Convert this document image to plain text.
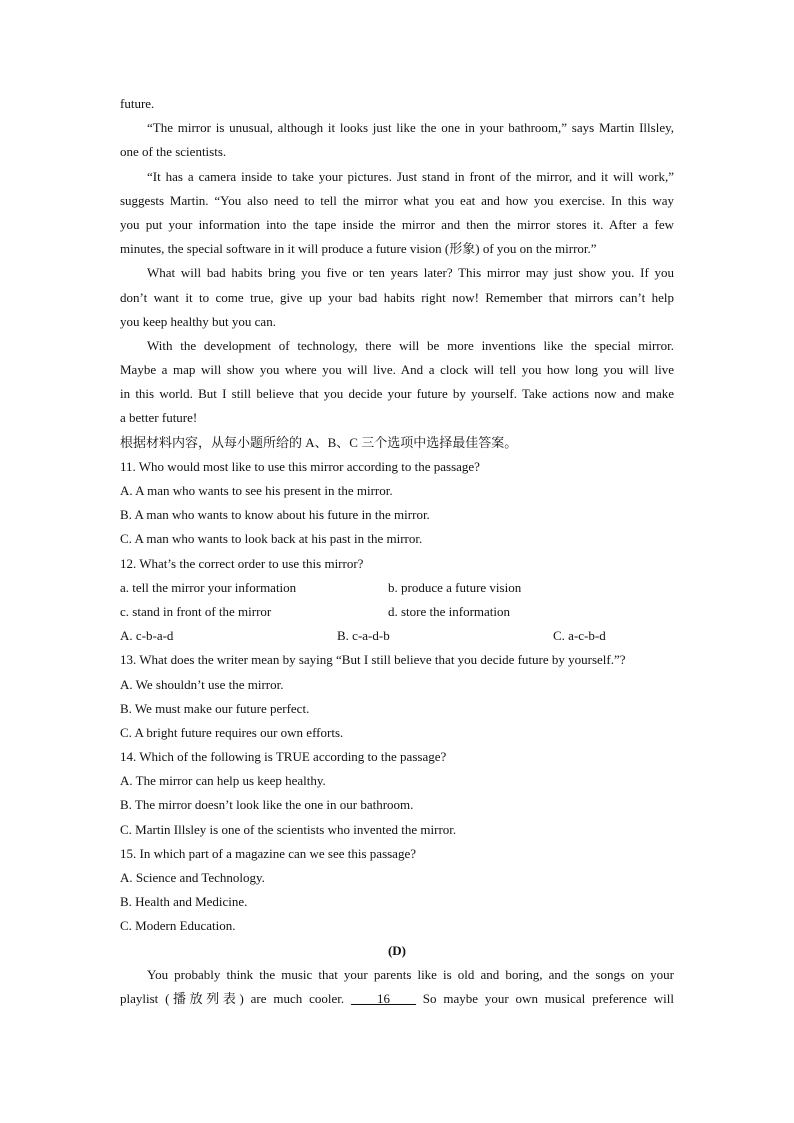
future.
“The mirror is unusual, although it looks just like the one in your bathroom,” says Martin Illsley,
one of the scientists.
“It has a camera inside to take your pictures. Just stand in front of the mirror, and it will work,”
suggests Martin. “You also need to tell the mirror what you eat and how you exercise. In this way
you put your information into the tape inside the mirror and then the mirror stores it. After a few
minutes, the special software in it will produce a future vision (形象) of you on the mirror.”
What will bad habits bring you five or ten years later? This mirror may just show you. If you
don’t want it to come true, give up your bad habits right now! Remember that mirrors can’t help
you keep healthy but you can.
With the development of technology, there will be more inventions like the special mirror.
Maybe a map will show you where you will live. And a clock will tell you how long you will live
in this world. But I still believe that you decide your future by yourself. Take actions now and make
a better future!
根据材料内容，从每小题所给的 A、B、C 三个选项中选择最佳答案。
11. Who would most like to use this mirror according to the passage?
A. A man who wants to see his present in the mirror.
B. A man who wants to know about his future in the mirror.
C. A man who wants to look back at his past in the mirror.
12. What’s the correct order to use this mirror?
a. tell the mirror your information	b. produce a future vision
c. stand in front of the mirror	d. store the information
A. c-b-a-d	B. c-a-d-b	C. a-c-b-d
13. What does the writer mean by saying “But I still believe that you decide future by yourself.”?
A. We shouldn’t use the mirror.
B. We must make our future perfect.
C. A bright future requires our own efforts.
14. Which of the following is TRUE according to the passage?
A. The mirror can help us keep healthy.
B. The mirror doesn’t look like the one in our bathroom.
C. Martin Illsley is one of the scientists who invented the mirror.
15. In which part of a magazine can we see this passage?
A. Science and Technology.
B. Health and Medicine.
C. Modern Education.
(D)
You probably think the music that your parents like is old and boring, and the songs on your
playlist (播放列表) are much cooler. ____16____ So maybe your own musical preference will
